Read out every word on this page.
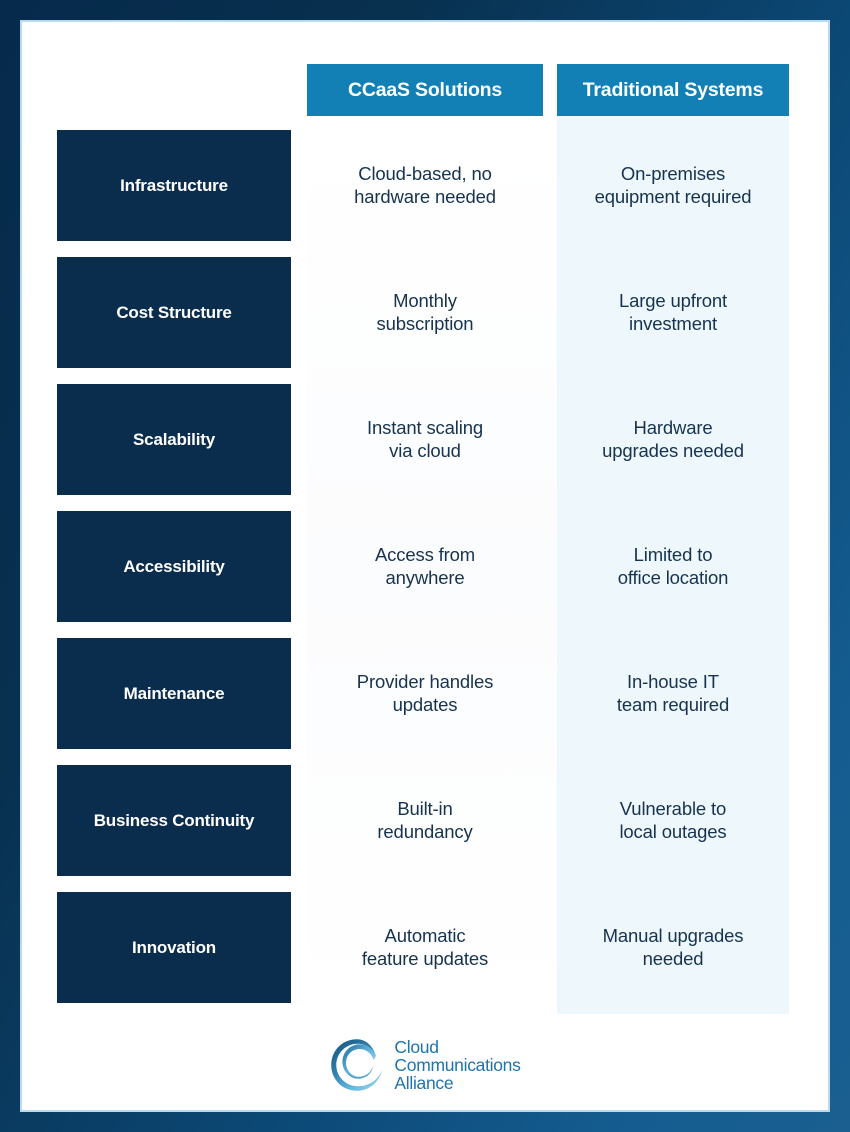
CCaaS Solutions	Traditional Systems
Infrastructure
Cloud-based, no
hardware needed
On-premises
equipment required
Cost Structure
Monthly
subscription
Large upfront
investment
Scalability
Instant scaling
via cloud
Hardware
upgrades needed
Accessibility
Access from
anywhere
Limited to
office location
Maintenance
Provider handles
updates
In-house IT
team required
Business Continuity
Built-in
redundancy
Vulnerable to
local outages
Innovation
Automatic
feature updates
Manual upgrades
needed
Cloud
Communications
Alliance
